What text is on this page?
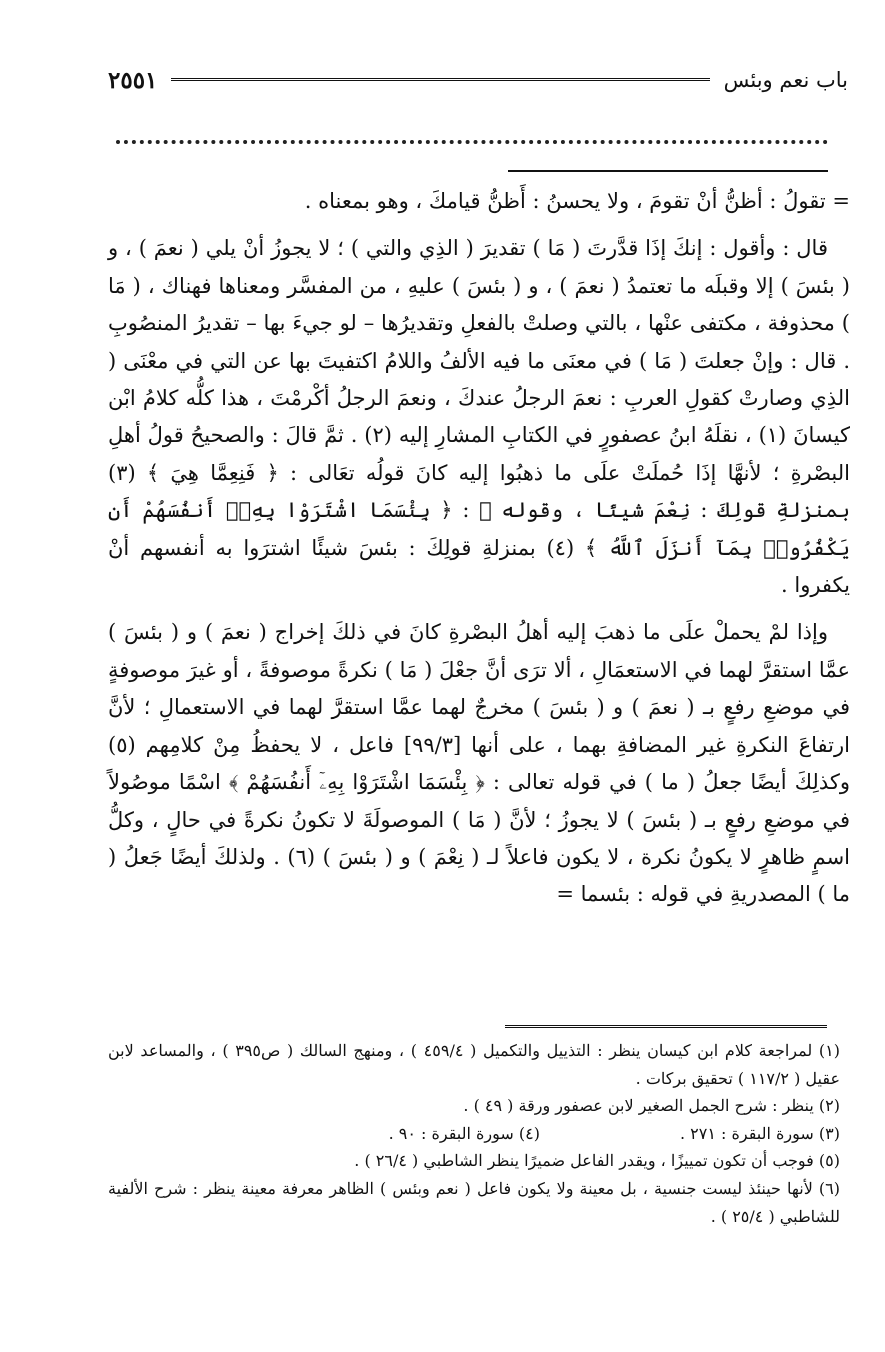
باب نعم وبئس
٢٥٥١

= تقولُ : أظنُّ أنْ تقومَ ، ولا يحسنُ : أَظنُّ قيامكَ ، وهو بمعناه .

قال : وأقول : إنكَ إذَا قدَّرتَ ( مَا ) تقديرَ ( الذِي والتي ) ؛ لا يجوزُ أنْ يلي ( نعمَ ) ، و ( بئسَ ) إلا وقبلَه ما تعتمدُ ( نعمَ ) ، و ( بئسَ ) عليهِ ، من المفسَّر ومعناها فهناك ، ( مَا ) محذوفة ، مكتفى عنْها ، بالتي وصلتْ بالفعلِ وتقديرُها – لو جيءَ بها – تقديرُ المنصُوبِ . قال : وإنْ جعلتَ ( مَا ) في معنَى ما فيه الألفُ واللامُ اكتفيتَ بها عن التي في معْنَى ( الذِي وصارتْ كقولِ العربِ : نعمَ الرجلُ عندكَ ، ونعمَ الرجلُ أكْرمْتَ ، هذا كلُّه كلامُ ابْن كيسانَ (١) ، نقلَهُ ابنُ عصفورٍ في الكتابِ المشارِ إليه (٢) . ثمَّ قالَ : والصحيحُ قولُ أهلِ البصْرةِ ؛ لأنهَّا إذَا حُملَتْ علَى ما ذهبُوا إليه كانَ قولُه تعَالى : ﴿ فَنِعِمَّا هِيَ ﴾ (٣) بمنزلةِ قولِكَ : نِعْمَ شيئًا ، وقوله ﷺ : ﴿ بِئْسَمَا اشْتَرَوْا بِهِۦٓ أَنفُسَهُمْ أَن يَكْفُرُوا۟ بِمَآ أَنزَلَ ٱللَّهُ ﴾ (٤) بمنزلةِ قولِكَ : بئسَ شيئًا اشترَوا به أنفسهم أنْ يكفروا .

وإذا لمْ يحملْ علَى ما ذهبَ إليه أهلُ البصْرةِ كانَ في ذلكَ إخراج ( نعمَ ) و ( بئسَ ) عمَّا استقرَّ لهما في الاستعمَالِ ، ألا ترَى أنَّ جعْلَ ( مَا ) نكرةً موصوفةً ، أو غيرَ موصوفةٍ في موضعِ رفعٍ بـ ( نعمَ ) و ( بئسَ ) مخرجٌ لهما عمَّا استقرَّ لهما في الاستعمالِ ؛ لأنَّ ارتفاعَ النكرةِ غير المضافةِ بهما ، على أنها [٩٩/٣] فاعل ، لا يحفظُ مِنْ كلامِهم (٥) وكذلِكَ أيضًا جعلُ ( ما ) في قوله تعالى : ﴿ بِئْسَمَا اشْتَرَوْا بِهِۦٓ أَنفُسَهُمْ ﴾ اسْمًا موصُولاً في موضعِ رفعٍ بـ ( بئسَ ) لا يجوزُ ؛ لأنَّ ( مَا ) الموصولَةَ لا تكونُ نكرةً في حالٍ ، وكلُّ اسمٍ ظاهرٍ لا يكونُ نكرة ، لا يكون فاعلاً لـ ( نِعْمَ ) و ( بئسَ ) (٦) . ولذلكَ أيضًا جَعلُ ( ما ) المصدريةِ في قوله : بئسما =

(١) لمراجعة كلام ابن كيسان ينظر : التذييل والتكميل ( ٤٥٩/٤ ) ، ومنهج السالك ( ص٣٩٥ ) ، والمساعد لابن عقيل ( ١١٧/٢ ) تحقيق بركات .

(٢) ينظر : شرح الجمل الصغير لابن عصفور ورقة ( ٤٩ ) .

(٣) سورة البقرة : ٢٧١ .
(٤) سورة البقرة : ٩٠ .

(٥) فوجب أن تكون تمييزًا ، ويقدر الفاعل ضميرًا ينظر الشاطبي ( ٢٦/٤ ) .

(٦) لأنها حينئذ ليست جنسية ، بل معينة ولا يكون فاعل ( نعم وبئس ) الظاهر معرفة معينة ينظر : شرح الألفية للشاطبي ( ٢٥/٤ ) .
